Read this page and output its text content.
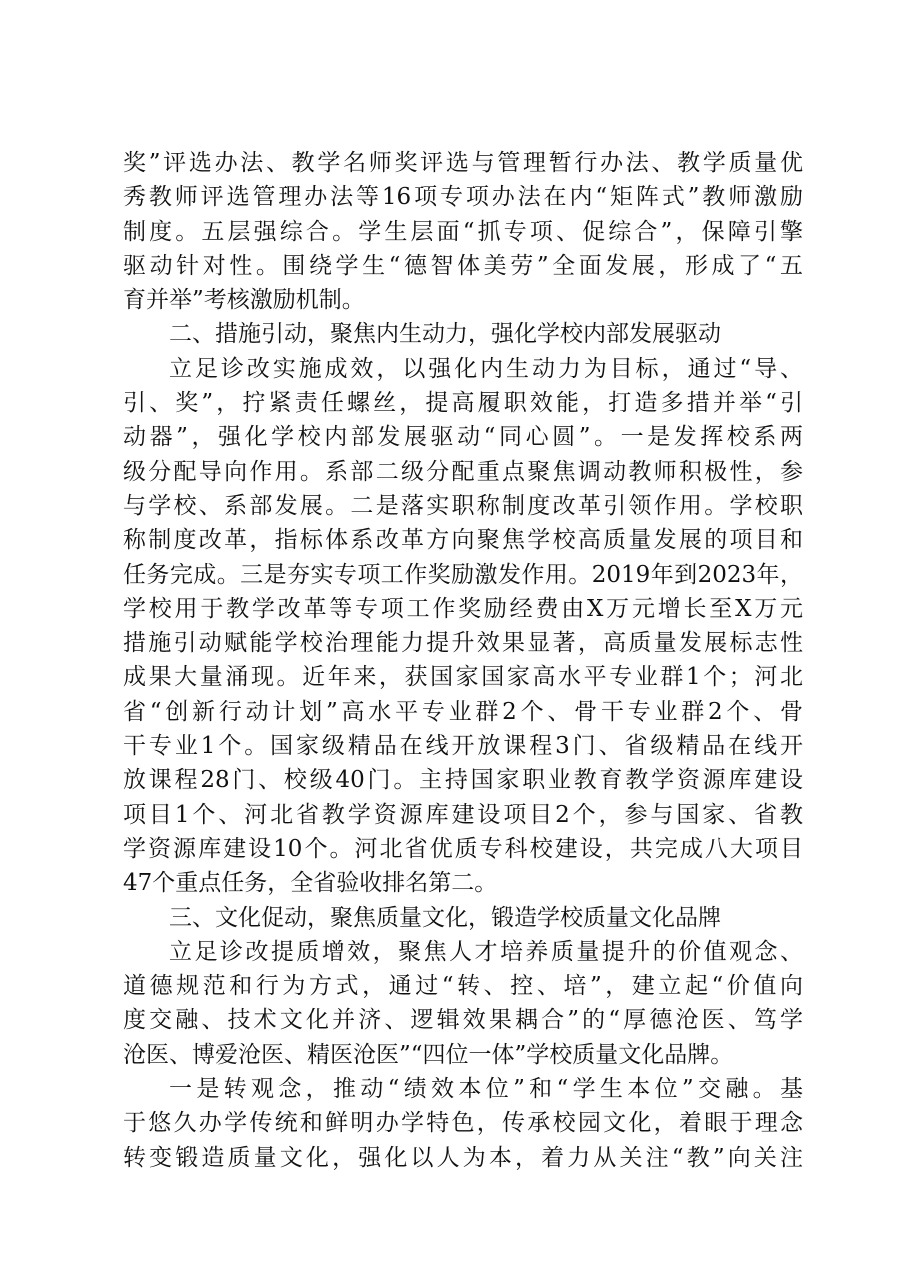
奖”评选办法、教学名师奖评选与管理暂行办法、教学质量优
秀教师评选管理办法等16项专项办法在内“矩阵式”教师激励
制度。五层强综合。学生层面“抓专项、促综合”，保障引擎
驱动针对性。围绕学生“德智体美劳”全面发展，形成了“五
育并举”考核激励机制。
二、措施引动，聚焦内生动力，强化学校内部发展驱动
立足诊改实施成效，以强化内生动力为目标，通过“导、
引、奖”，拧紧责任螺丝，提高履职效能，打造多措并举“引
动器”，强化学校内部发展驱动“同心圆”。一是发挥校系两
级分配导向作用。系部二级分配重点聚焦调动教师积极性，参
与学校、系部发展。二是落实职称制度改革引领作用。学校职
称制度改革，指标体系改革方向聚焦学校高质量发展的项目和
任务完成。三是夯实专项工作奖励激发作用。2019年到2023年，
学校用于教学改革等专项工作奖励经费由X万元增长至X万元
措施引动赋能学校治理能力提升效果显著，高质量发展标志性
成果大量涌现。近年来，获国家国家高水平专业群1个；河北
省“创新行动计划”高水平专业群2个、骨干专业群2个、骨
干专业1个。国家级精品在线开放课程3门、省级精品在线开
放课程28门、校级40门。主持国家职业教育教学资源库建设
项目1个、河北省教学资源库建设项目2个，参与国家、省教
学资源库建设10个。河北省优质专科校建设，共完成八大项目
47个重点任务，全省验收排名第二。
三、文化促动，聚焦质量文化，锻造学校质量文化品牌
立足诊改提质增效，聚焦人才培养质量提升的价值观念、
道德规范和行为方式，通过“转、控、培”，建立起“价值向
度交融、技术文化并济、逻辑效果耦合”的“厚德沧医、笃学
沧医、博爱沧医、精医沧医”“四位一体”学校质量文化品牌。
一是转观念，推动“绩效本位”和“学生本位”交融。基
于悠久办学传统和鲜明办学特色，传承校园文化，着眼于理念
转变锻造质量文化，强化以人为本，着力从关注“教”向关注
